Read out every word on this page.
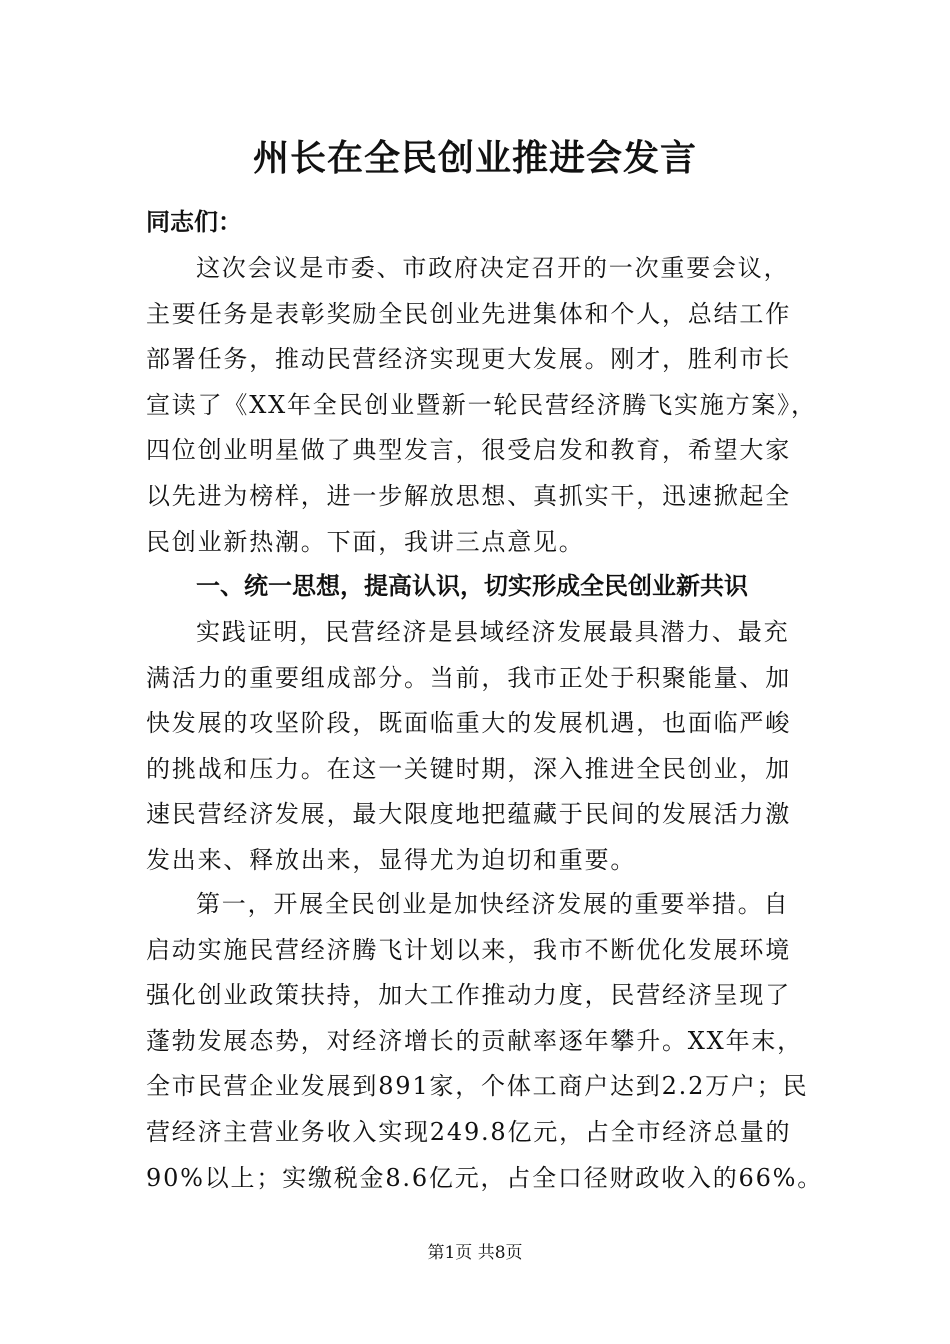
州长在全民创业推进会发言

同志们：

这次会议是市委、市政府决定召开的一次重要会议，
主要任务是表彰奖励全民创业先进集体和个人，总结工作
部署任务，推动民营经济实现更大发展。刚才，胜利市长
宣读了《XX年全民创业暨新一轮民营经济腾飞实施方案》，
四位创业明星做了典型发言，很受启发和教育，希望大家
以先进为榜样，进一步解放思想、真抓实干，迅速掀起全
民创业新热潮。下面，我讲三点意见。

一、统一思想，提高认识，切实形成全民创业新共识

实践证明，民营经济是县域经济发展最具潜力、最充
满活力的重要组成部分。当前，我市正处于积聚能量、加
快发展的攻坚阶段，既面临重大的发展机遇，也面临严峻
的挑战和压力。在这一关键时期，深入推进全民创业，加
速民营经济发展，最大限度地把蕴藏于民间的发展活力激
发出来、释放出来，显得尤为迫切和重要。
第一，开展全民创业是加快经济发展的重要举措。自
启动实施民营经济腾飞计划以来，我市不断优化发展环境
强化创业政策扶持，加大工作推动力度，民营经济呈现了
蓬勃发展态势，对经济增长的贡献率逐年攀升。XX年末，
全市民营企业发展到891家，个体工商户达到2.2万户；民
营经济主营业务收入实现249.8亿元，占全市经济总量的
90%以上；实缴税金8.6亿元，占全口径财政收入的66%。

第1页 共8页
